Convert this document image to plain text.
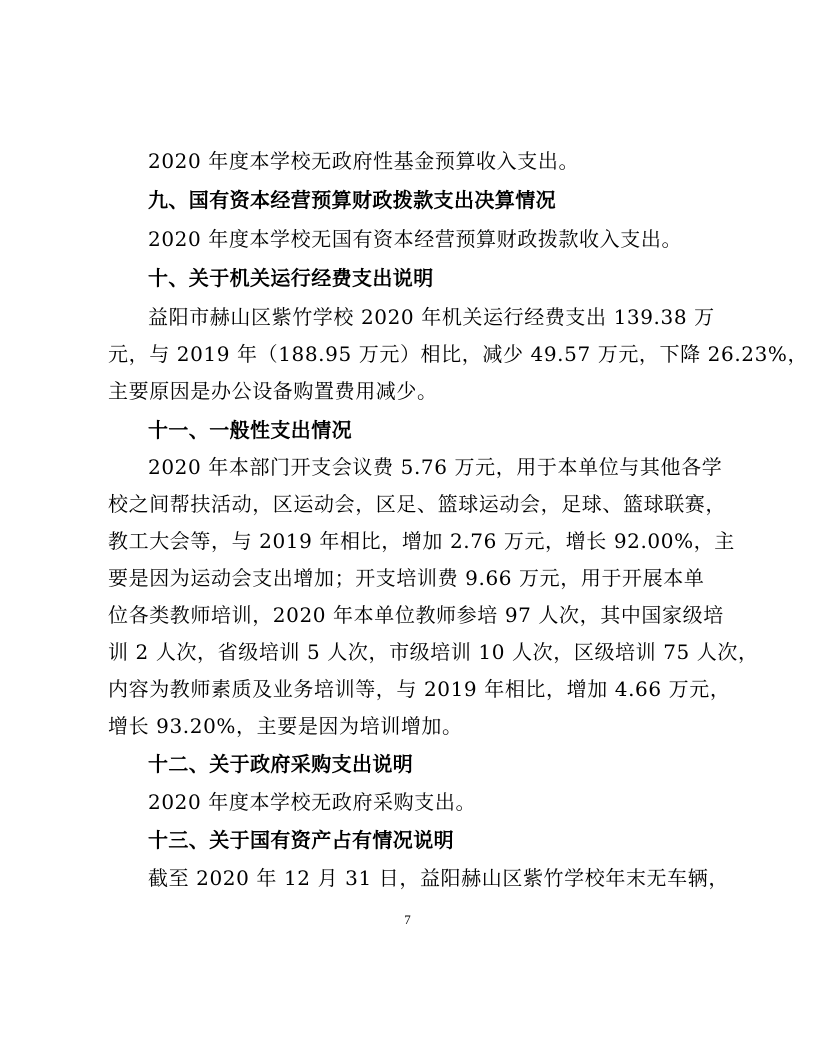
2020 年度本学校无政府性基金预算收入支出。
九、国有资本经营预算财政拨款支出决算情况
2020 年度本学校无国有资本经营预算财政拨款收入支出。
十、关于机关运行经费支出说明
益阳市赫山区紫竹学校 2020 年机关运行经费支出 139.38 万
元，与 2019 年（188.95 万元）相比，减少 49.57 万元，下降 26.23%，
主要原因是办公设备购置费用减少。
十一、一般性支出情况
2020 年本部门开支会议费 5.76 万元，用于本单位与其他各学
校之间帮扶活动，区运动会，区足、篮球运动会，足球、篮球联赛，
教工大会等，与 2019 年相比，增加 2.76 万元，增长 92.00%，主
要是因为运动会支出增加；开支培训费 9.66 万元，用于开展本单
位各类教师培训，2020 年本单位教师参培 97 人次，其中国家级培
训 2 人次，省级培训 5 人次，市级培训 10 人次，区级培训 75 人次，
内容为教师素质及业务培训等，与 2019 年相比，增加 4.66 万元，
增长 93.20%，主要是因为培训增加。
十二、关于政府采购支出说明
2020 年度本学校无政府采购支出。
十三、关于国有资产占有情况说明
截至 2020 年 12 月 31 日，益阳赫山区紫竹学校年末无车辆，
7
